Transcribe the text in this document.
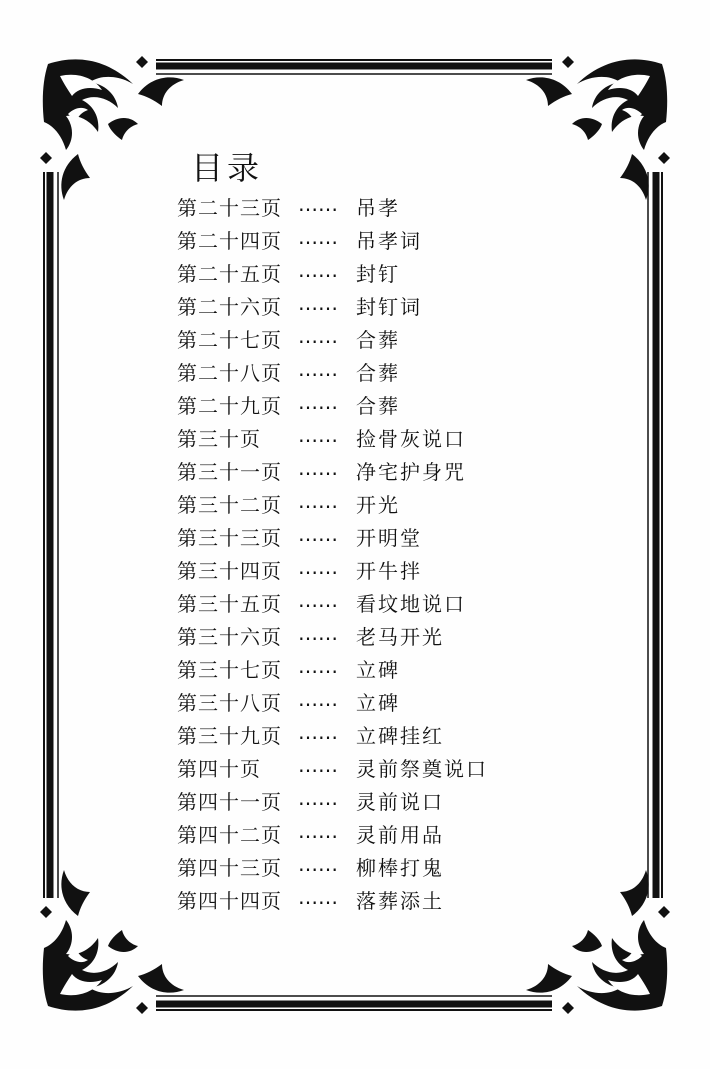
目录
第二十三页 …… 吊孝
第二十四页 …… 吊孝词
第二十五页 …… 封钉
第二十六页 …… 封钉词
第二十七页 …… 合葬
第二十八页 …… 合葬
第二十九页 …… 合葬
第三十页 …… 捡骨灰说口
第三十一页 …… 净宅护身咒
第三十二页 …… 开光
第三十三页 …… 开明堂
第三十四页 …… 开牛拌
第三十五页 …… 看坟地说口
第三十六页 …… 老马开光
第三十七页 …… 立碑
第三十八页 …… 立碑
第三十九页 …… 立碑挂红
第四十页 …… 灵前祭奠说口
第四十一页 …… 灵前说口
第四十二页 …… 灵前用品
第四十三页 …… 柳棒打鬼
第四十四页 …… 落葬添土
